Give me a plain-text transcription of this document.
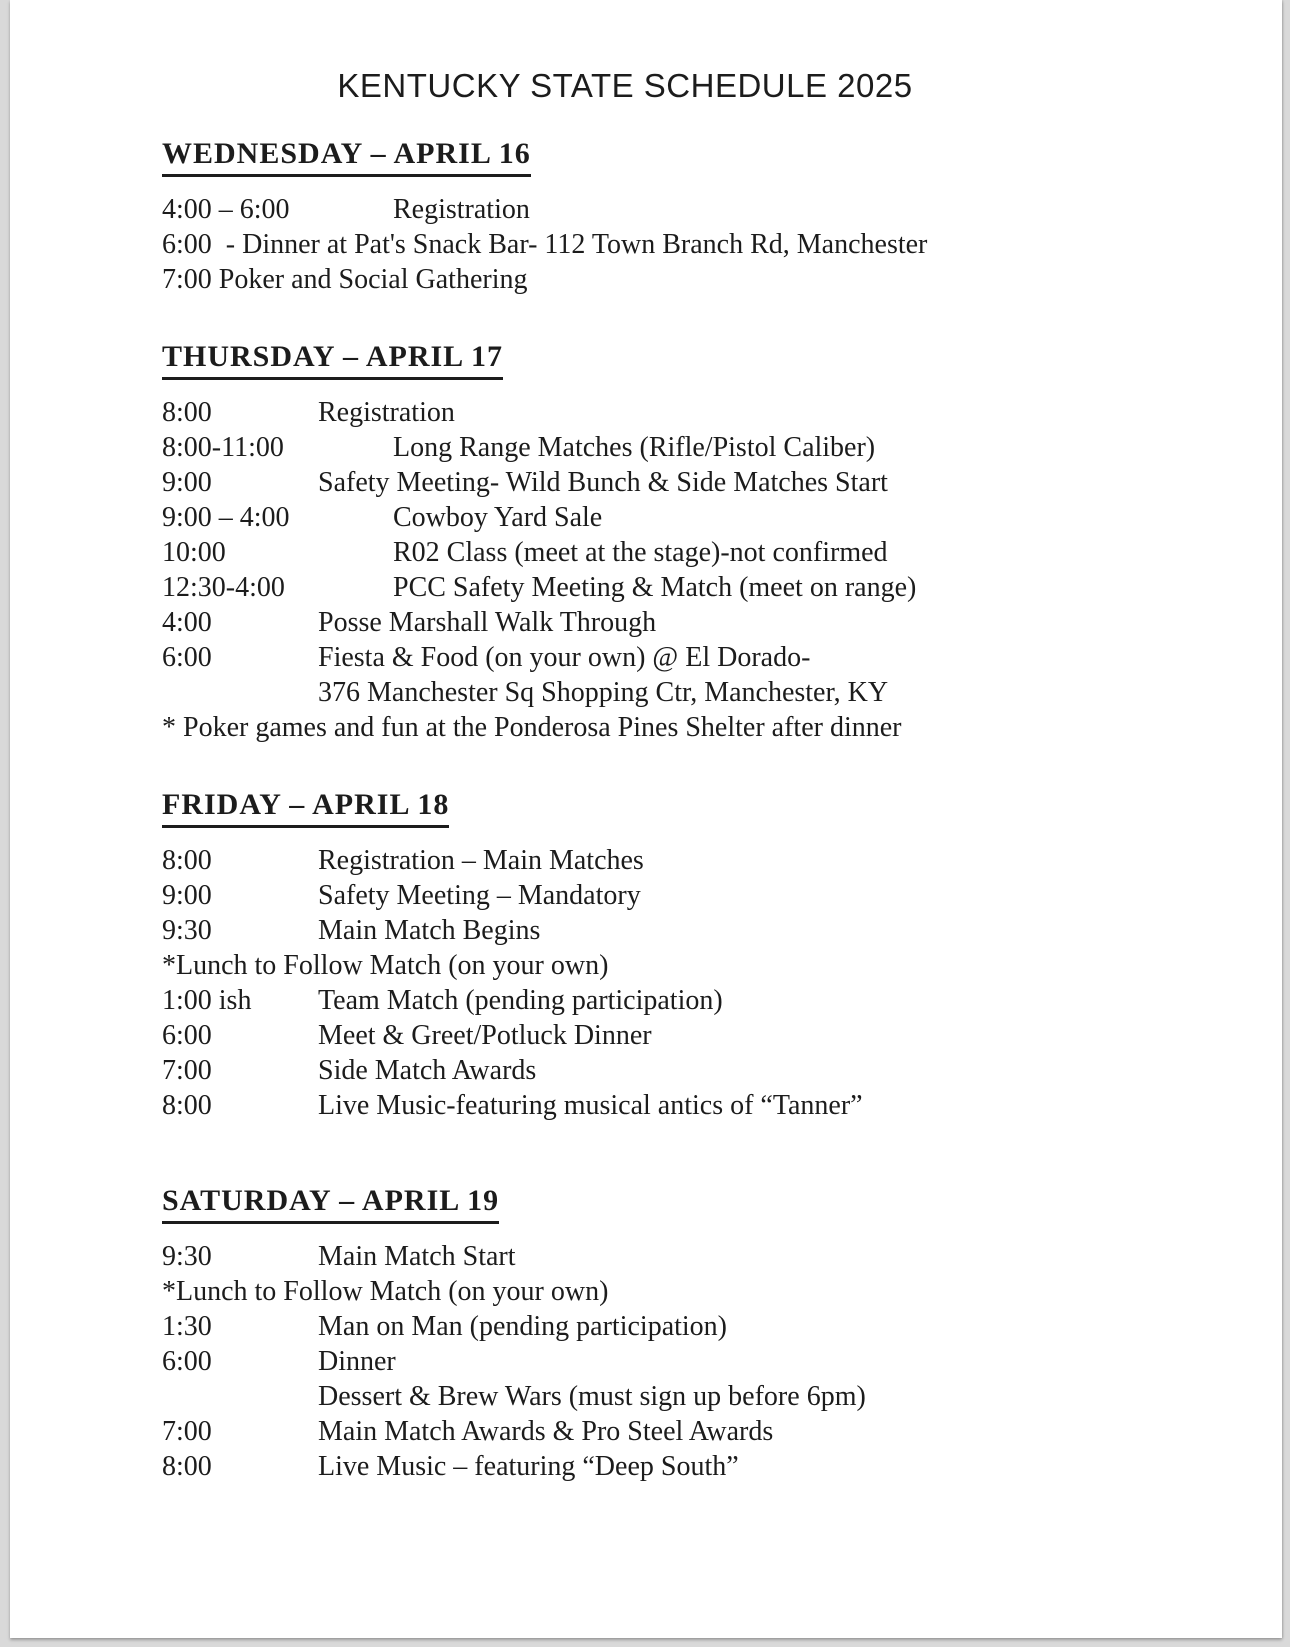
KENTUCKY STATE SCHEDULE 2025
WEDNESDAY – APRIL 16
4:00 – 6:00	Registration
6:00  - Dinner at Pat's Snack Bar- 112 Town Branch Rd, Manchester
7:00 Poker and Social Gathering
THURSDAY – APRIL 17
8:00	Registration
8:00-11:00	Long Range Matches (Rifle/Pistol Caliber)
9:00	Safety Meeting- Wild Bunch & Side Matches Start
9:00 – 4:00	Cowboy Yard Sale
10:00	R02 Class (meet at the stage)-not confirmed
12:30-4:00	PCC Safety Meeting & Match (meet on range)
4:00	Posse Marshall Walk Through
6:00	Fiesta & Food (on your own) @ El Dorado-
376 Manchester Sq Shopping Ctr, Manchester, KY
* Poker games and fun at the Ponderosa Pines Shelter after dinner
FRIDAY – APRIL 18
8:00	Registration – Main Matches
9:00	Safety Meeting – Mandatory
9:30	Main Match Begins
*Lunch to Follow Match (on your own)
1:00 ish Team Match (pending participation)
6:00	Meet & Greet/Potluck Dinner
7:00	Side Match Awards
8:00	Live Music-featuring musical antics of “Tanner”
SATURDAY – APRIL 19
9:30	Main Match Start
*Lunch to Follow Match (on your own)
1:30	Man on Man (pending participation)
6:00	Dinner
Dessert & Brew Wars (must sign up before 6pm)
7:00	Main Match Awards & Pro Steel Awards
8:00	Live Music – featuring “Deep South”
